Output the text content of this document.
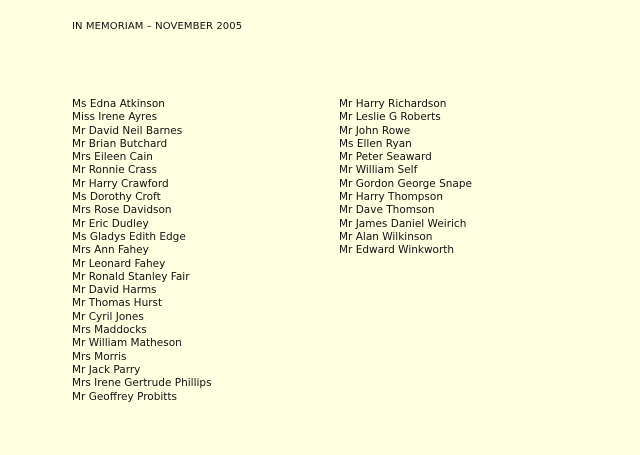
IN MEMORIAM – NOVEMBER 2005
Ms Edna Atkinson
Miss Irene Ayres
Mr David Neil Barnes
Mr Brian Butchard
Mrs Eileen Cain
Mr Ronnie Crass
Mr Harry Crawford
Ms Dorothy Croft
Mrs Rose Davidson
Mr Eric Dudley
Ms Gladys Edith Edge
Mrs Ann Fahey
Mr Leonard Fahey
Mr Ronald Stanley Fair
Mr David Harms
Mr Thomas Hurst
Mr Cyril Jones
Mrs Maddocks
Mr William Matheson
Mrs Morris
Mr Jack Parry
Mrs Irene Gertrude Phillips
Mr Geoffrey Probitts
Mr Harry Richardson
Mr Leslie G Roberts
Mr John Rowe
Ms Ellen Ryan
Mr Peter Seaward
Mr William Self
Mr Gordon George Snape
Mr Harry Thompson
Mr Dave Thomson
Mr James Daniel Weirich
Mr Alan Wilkinson
Mr Edward Winkworth
